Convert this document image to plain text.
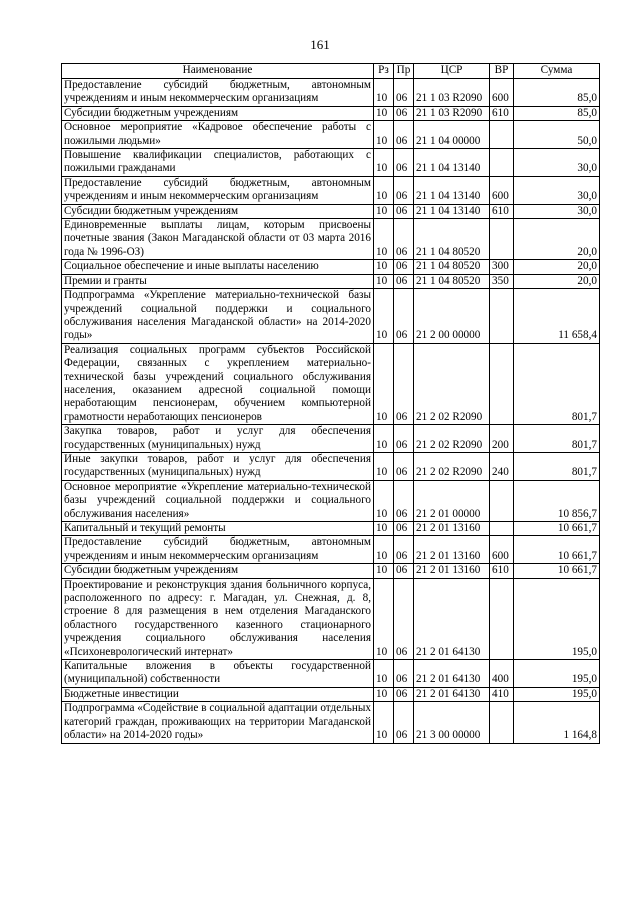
161
Наименование	Рз	Пр	ЦСР	ВР	Сумма
Предоставление субсидий бюджетным, автономным учреждениям и иным некоммерческим организациям	10	06	21 1 03 R2090	600	85,0
Субсидии бюджетным учреждениям	10	06	21 1 03 R2090	610	85,0
Основное мероприятие «Кадровое обеспечение работы с пожилыми людьми»	10	06	21 1 04 00000		50,0
Повышение квалификации специалистов, работающих с пожилыми гражданами	10	06	21 1 04 13140		30,0
Предоставление субсидий бюджетным, автономным учреждениям и иным некоммерческим организациям	10	06	21 1 04 13140	600	30,0
Субсидии бюджетным учреждениям	10	06	21 1 04 13140	610	30,0
Единовременные выплаты лицам, которым присвоены почетные звания (Закон Магаданской области от 03 марта 2016 года № 1996-ОЗ)	10	06	21 1 04 80520		20,0
Социальное обеспечение и иные выплаты населению	10	06	21 1 04 80520	300	20,0
Премии и гранты	10	06	21 1 04 80520	350	20,0
Подпрограмма «Укрепление материально-технической базы учреждений социальной поддержки и социального обслуживания населения Магаданской области» на 2014-2020 годы»	10	06	21 2 00 00000		11 658,4
Реализация социальных программ субъектов Российской Федерации, связанных с укреплением материально-технической базы учреждений социального обслуживания населения, оказанием адресной социальной помощи неработающим пенсионерам, обучением компьютерной грамотности неработающих пенсионеров	10	06	21 2 02 R2090		801,7
Закупка товаров, работ и услуг для обеспечения государственных (муниципальных) нужд	10	06	21 2 02 R2090	200	801,7
Иные закупки товаров, работ и услуг для обеспечения государственных (муниципальных) нужд	10	06	21 2 02 R2090	240	801,7
Основное мероприятие «Укрепление материально-технической базы учреждений социальной поддержки и социального обслуживания населения»	10	06	21 2 01 00000		10 856,7
Капитальный и текущий ремонты	10	06	21 2 01 13160		10 661,7
Предоставление субсидий бюджетным, автономным учреждениям и иным некоммерческим организациям	10	06	21 2 01 13160	600	10 661,7
Субсидии бюджетным учреждениям	10	06	21 2 01 13160	610	10 661,7
Проектирование и реконструкция здания больничного корпуса, расположенного по адресу: г. Магадан, ул. Снежная, д. 8, строение 8 для размещения в нем отделения Магаданского областного государственного казенного стационарного учреждения социального обслуживания населения «Психоневрологический интернат»	10	06	21 2 01 64130		195,0
Капитальные вложения в объекты государственной (муниципальной) собственности	10	06	21 2 01 64130	400	195,0
Бюджетные инвестиции	10	06	21 2 01 64130	410	195,0
Подпрограмма «Содействие в социальной адаптации отдельных категорий граждан, проживающих на территории Магаданской области» на 2014-2020 годы»	10	06	21 3 00 00000		1 164,8
